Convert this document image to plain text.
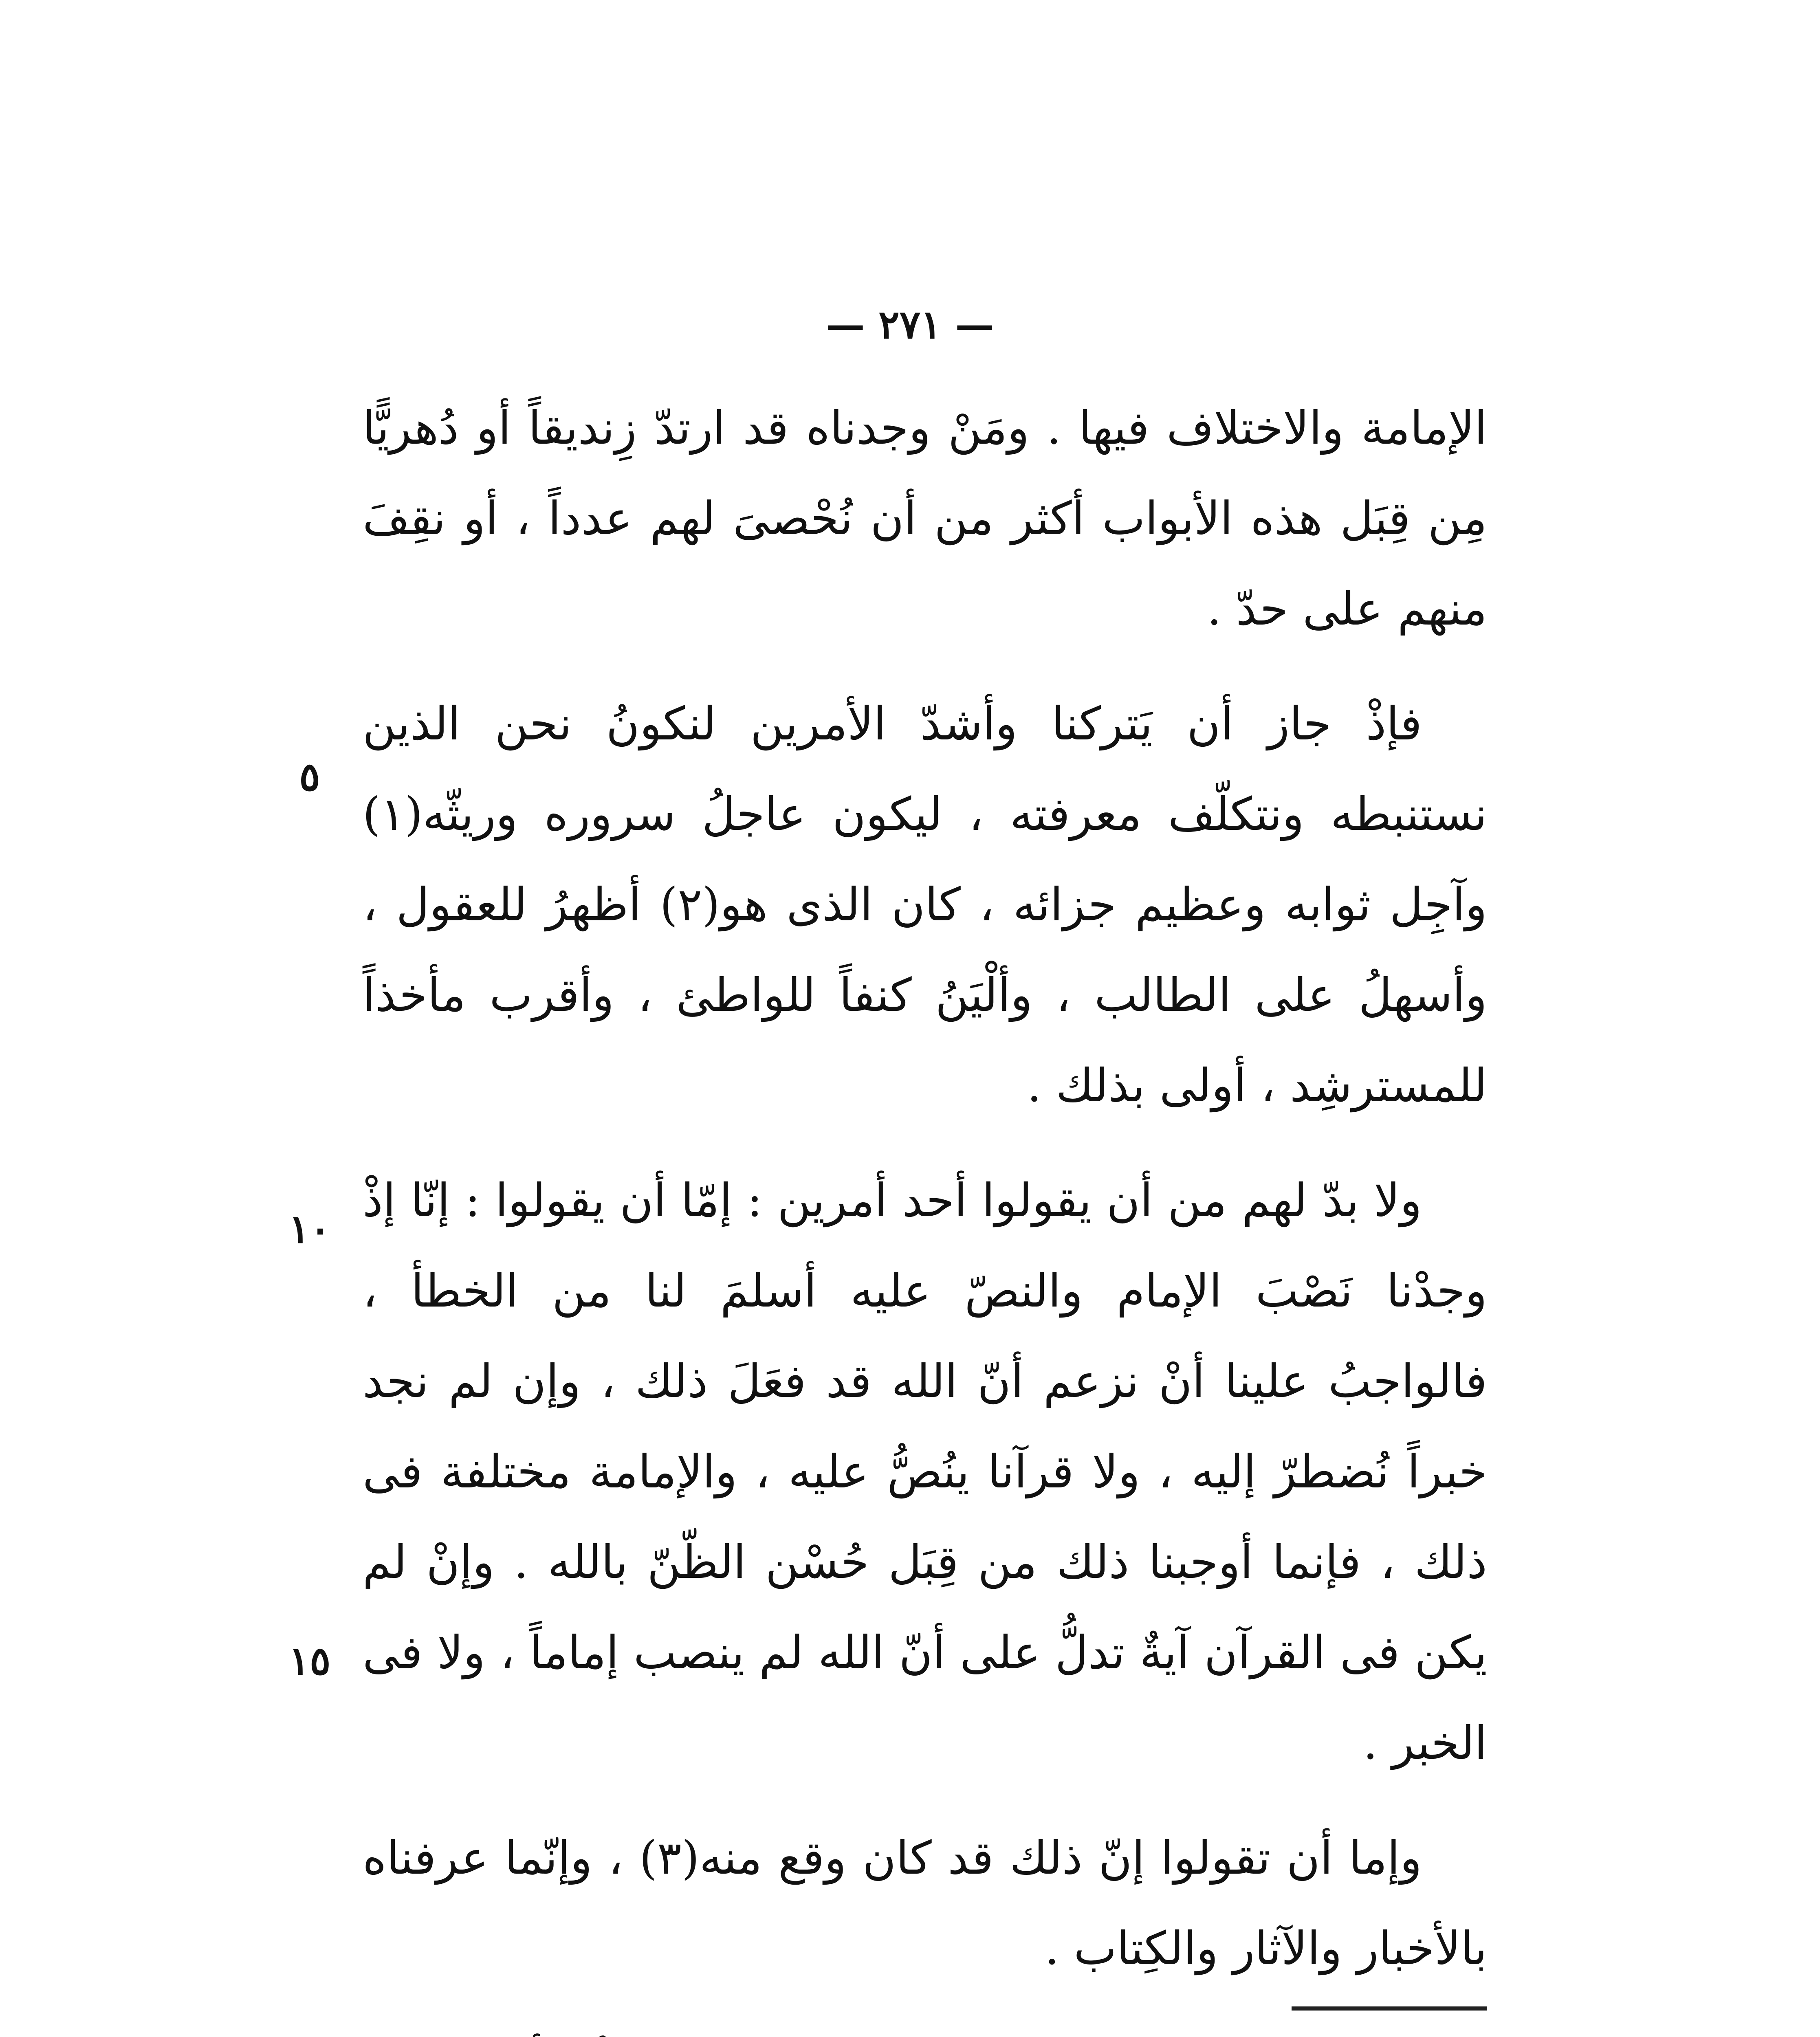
— ٢٧١ —

الإمامة والاختلاف فيها . ومَنْ وجدناه قد ارتدّ زِنديقاً أو دُهريًّا مِن قِبَل هذه الأبواب أكثر من أن نُحْصىَ لهم عدداً ، أو نقِفَ منهم على حدّ .

فإذْ جاز أن يَتركنا وأشدّ الأمرين لنكونُ نحن الذين نستنبطه ونتكلّف معرفته ، ليكون عاجلُ سروره وريثّه(١) وآجِل ثوابه وعظيم جزائه ، كان الذى هو(٢) أظهرُ للعقول ، وأسهلُ على الطالب ، وألْيَنُ كنفاً للواطئ ، وأقرب مأخذاً للمسترشِد ، أولى بذلك .

ولا بدّ لهم من أن يقولوا أحد أمرين : إمّا أن يقولوا : إنّا إذْ وجدْنا نَصْبَ الإمام والنصّ عليه أسلمَ لنا من الخطأ ، فالواجبُ علينا أنْ نزعم أنّ الله قد فعَلَ ذلك ، وإن لم نجد خبراً نُضطرّ إليه ، ولا قرآنا ينُصُّ عليه ، والإمامة مختلفة فى ذلك ، فإنما أوجبنا ذلك من قِبَل حُسْن الظّنّ بالله . وإنْ لم يكن فى القرآن آيةٌ تدلُّ على أنّ الله لم ينصب إماماً ، ولا فى الخبر .

وإما أن تقولوا إنّ ذلك قد كان وقع منه(٣) ، وإنّما عرفناه بالأخبار والآثار والكِتاب .

٥
١٠
١٥
